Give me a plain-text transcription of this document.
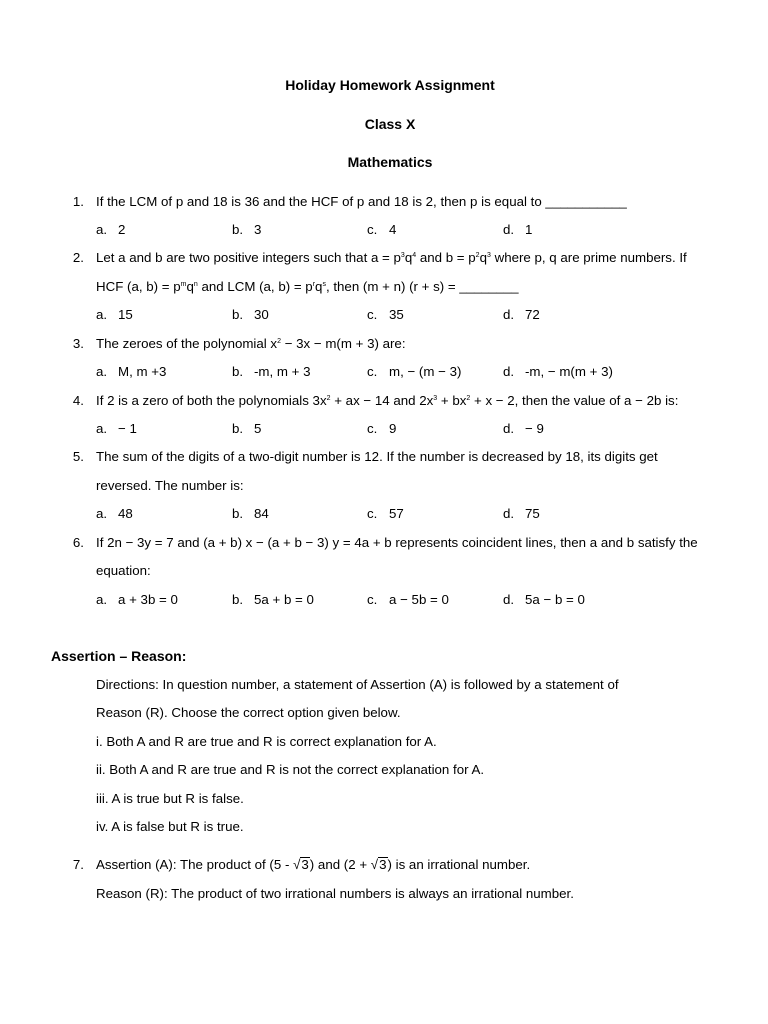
Holiday Homework Assignment
Class X
Mathematics
1. If the LCM of p and 18 is 36 and the HCF of p and 18 is 2, then p is equal to ___________
a. 2	b. 3	c. 4	d. 1
2. Let a and b are two positive integers such that $a = p^3q^4$ and $b = p^2q^3$ where p, q are prime numbers. If
HCF (a, $b) = p^mq^n$ and LCM (a, $b) = p^rq^s$, then (m + n) (r + s) = ________
a. 15	b. 30	c. 35	d. 72
3. The zeroes of the polynomial $x^2 - 3x - m(m + 3)$ are:
a. M, m +3	b. -m, m + 3	c. m, − (m − 3)	d. -m, − m(m + 3)
4. If 2 is a zero of both the polynomials $3x^2$ + ax − 14 and $2x^3 + bx^2 + x - 2$, then the value of a − 2b is:
a. − 1	b. 5	c. 9	d. − 9
5. The sum of the digits of a two-digit number is 12. If the number is decreased by 18, its digits get
reversed. The number is:
a. 48	b. 84	c. 57	d. 75
6. If 2n − 3y = 7 and (a + b) x − (a + b − 3) y = 4a + b represents coincident lines, then a and b satisfy the
equation:
a. a + 3b = 0	b. 5a + b = 0	c. a − 5b = 0	d. 5a − b = 0
Assertion – Reason:
Directions: In question number, a statement of Assertion (A) is followed by a statement of
Reason (R). Choose the correct option given below.
i. Both A and R are true and R is correct explanation for A.
ii. Both A and R are true and R is not the correct explanation for A.
iii. A is true but R is false.
iv. A is false but R is true.
7. Assertion (A): The product of (5 - √3) and (2 + √3) is an irrational number.
Reason (R): The product of two irrational numbers is always an irrational number.
